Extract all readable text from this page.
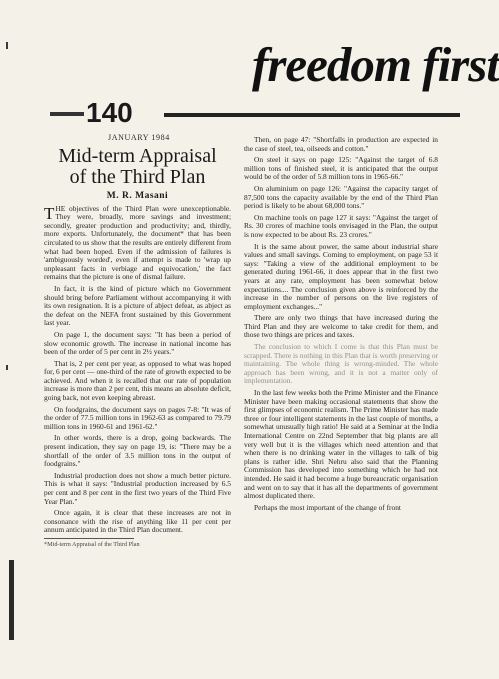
freedom first
140
JANUARY 1984
Mid-term Appraisal
of the Third Plan
M. R. Masani

THE objectives of the Third Plan were unexceptionable. They were, broadly, more savings and investment; secondly, greater production and productivity; and, thirdly, more exports. Unfortunately, the document* that has been circulated to us show that the results are entirely different from what had been hoped. Even if the admission of failures is 'ambiguously worded', even if attempt is made to 'wrap up unpleasant facts in verbiage and equivocation,' the fact remains that the picture is one of dismal failure.

In fact, it is the kind of picture which no Government should bring before Parliament without accompanying it with its own resignation. It is a picture of abject defeat, as abject as the defeat on the NEFA front sustained by this Government last year.

On page 1, the document says: "It has been a period of slow economic growth. The increase in national income has been of the order of 5 per cent in 2½ years."

That is, 2 per cent per year, as opposed to what was hoped for, 6 per cent — one-third of the rate of growth expected to be achieved. And when it is recalled that our rate of population increase is more than 2 per cent, this means an absolute deficit, going back, not even keeping abreast.

On foodgrains, the document says on pages 7-8: "It was of the order of 77.5 million tons in 1962-63 as compared to 79.79 million tons in 1960-61 and 1961-62."

In other words, there is a drop, going backwards. The present indication, they say on page 19, is: "There may be a shortfall of the order of 3.5 million tons in the output of foodgrains."

Industrial production does not show a much better picture. This is what it says: "Industrial production increased by 6.5 per cent and 8 per cent in the first two years of the Third Five Year Plan."

Once again, it is clear that these increases are not in consonance with the rise of anything like 11 per cent per annum anticipated in the Third Plan document.

*Mid-term Appraisal of the Third Plan

Then, on page 47: "Shortfalls in production are expected in the case of steel, tea, oilseeds and cotton."

On steel it says on page 125: "Against the target of 6.8 million tons of finished steel, it is anticipated that the output would be of the order of 5.8 million tons in 1965-66."

On aluminium on page 126: "Against the capacity target of 87,500 tons the capacity available by the end of the Third Plan period is likely to be about 68,000 tons."

On machine tools on page 127 it says: "Against the target of Rs. 30 crores of machine tools envisaged in the Plan, the output is now expected to be about Rs. 23 crores."

It is the same about power, the same about industrial share values and small savings. Coming to employment, on page 53 it says: "Taking a view of the additional employment to be generated during 1961-66, it does appear that in the first two years at any rate, employment has been somewhat below expectations.... The conclusion given above is reinforced by the increase in the number of persons on the live registers of employment exchanges..."

There are only two things that have increased during the Third Plan and they are welcome to take credit for them, and those two things are prices and taxes.

The conclusion to which I come is that this Plan must be scrapped. There is nothing in this Plan that is worth preserving or maintaining. The whole thing is wrong-minded. The whole approach has been wrong, and it is not a matter only of implementation.

In the last few weeks both the Prime Minister and the Finance Minister have been making occasional statements that show the first glimpses of economic realism. The Prime Minister has made three or four intelligent statements in the last couple of months, a somewhat unusually high ratio! He said at a Seminar at the India International Centre on 22nd September that big plants are all very well but it is the villages which need attention and that when there is no drinking water in the villages to talk of big plans is rather idle. Shri Nehru also said that the Planning Commission has developed into something which he had not intended. He said it had become a huge bureaucratic organisation and went on to say that it has all the departments of government almost duplicated there.

Perhaps the most important of the change of front
